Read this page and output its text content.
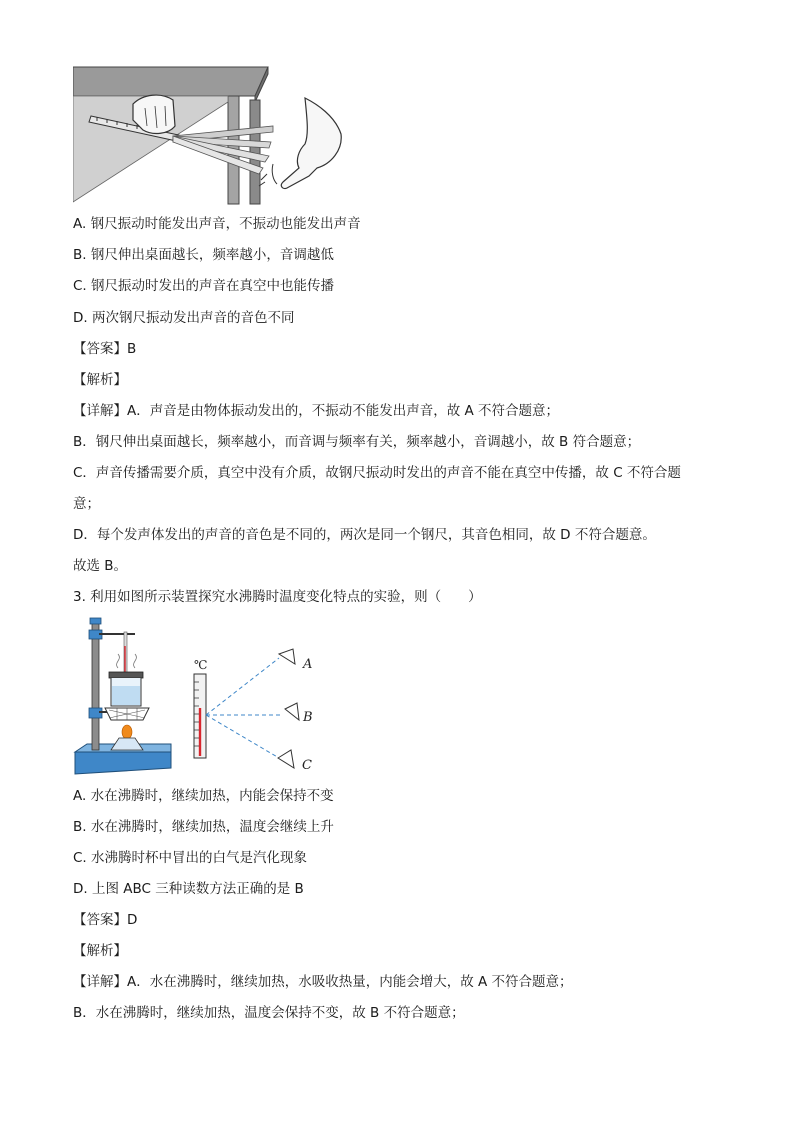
A. 钢尺振动时能发出声音，不振动也能发出声音
B. 钢尺伸出桌面越长，频率越小，音调越低
C. 钢尺振动时发出的声音在真空中也能传播
D. 两次钢尺振动发出声音的音色不同
【答案】B
【解析】
【详解】A．声音是由物体振动发出的，不振动不能发出声音，故 A 不符合题意；
B．钢尺伸出桌面越长，频率越小，而音调与频率有关，频率越小，音调越小，故 B 符合题意；
C．声音传播需要介质，真空中没有介质，故钢尺振动时发出的声音不能在真空中传播，故 C 不符合题
意；
D．每个发声体发出的声音的音色是不同的，两次是同一个钢尺，其音色相同，故 D 不符合题意。
故选 B。
3. 利用如图所示装置探究水沸腾时温度变化特点的实验，则（　　）
℃	A
B
C
A. 水在沸腾时，继续加热，内能会保持不变
B. 水在沸腾时，继续加热，温度会继续上升
C. 水沸腾时杯中冒出的白气是汽化现象
D. 上图 ABC 三种读数方法正确的是 B
【答案】D
【解析】
【详解】A．水在沸腾时，继续加热，水吸收热量，内能会增大，故 A 不符合题意；
B．水在沸腾时，继续加热，温度会保持不变，故 B 不符合题意；
